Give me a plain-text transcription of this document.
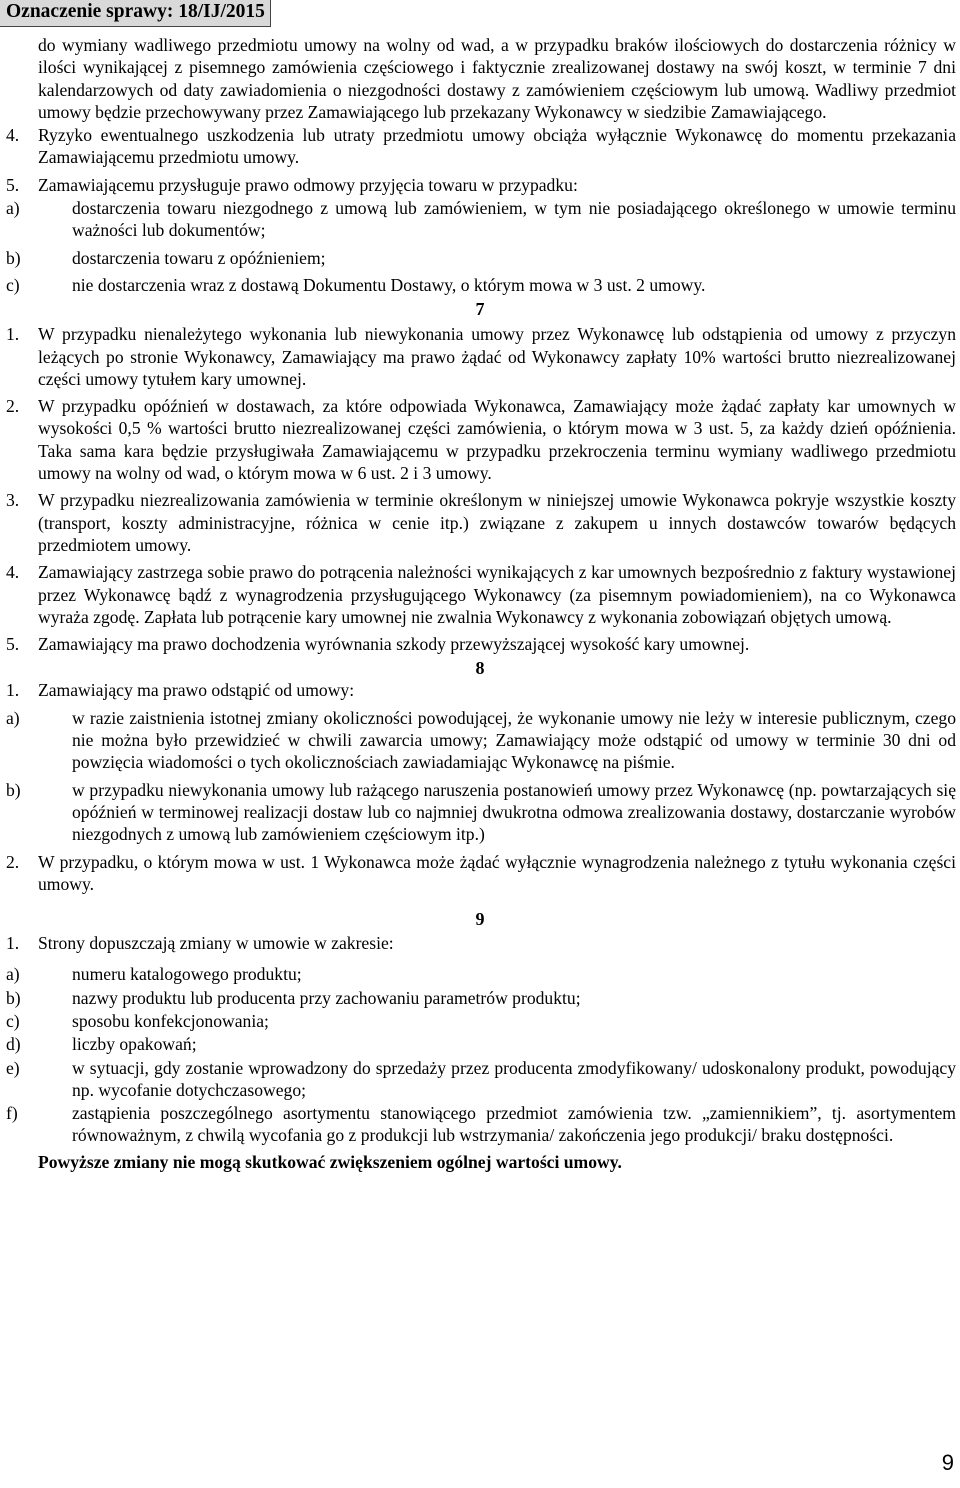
Oznaczenie sprawy: 18/IJ/2015
do wymiany wadliwego przedmiotu umowy na wolny od wad, a w przypadku braków ilościowych do dostarczenia różnicy w ilości wynikającej z pisemnego zamówienia częściowego i faktycznie zrealizowanej dostawy na swój koszt, w terminie 7 dni kalendarzowych od daty zawiadomienia o niezgodności dostawy z zamówieniem częściowym lub umową. Wadliwy przedmiot umowy będzie przechowywany przez Zamawiającego lub przekazany Wykonawcy w siedzibie Zamawiającego.
4. Ryzyko ewentualnego uszkodzenia lub utraty przedmiotu umowy obciąża wyłącznie Wykonawcę do momentu przekazania Zamawiającemu przedmiotu umowy.
5. Zamawiającemu przysługuje prawo odmowy przyjęcia towaru w przypadku:
a)	dostarczenia towaru niezgodnego z umową lub zamówieniem, w tym nie posiadającego określonego w umowie terminu ważności lub dokumentów;
b)	dostarczenia towaru z opóźnieniem;
c)	nie dostarczenia wraz z dostawą Dokumentu Dostawy, o którym mowa w 3 ust. 2 umowy.
7
1. W przypadku nienależytego wykonania lub niewykonania umowy przez Wykonawcę lub odstąpienia od umowy z przyczyn leżących po stronie Wykonawcy, Zamawiający ma prawo żądać od Wykonawcy zapłaty 10% wartości brutto niezrealizowanej części umowy tytułem kary umownej.
2. W przypadku opóźnień w dostawach, za które odpowiada Wykonawca, Zamawiający może żądać zapłaty kar umownych w wysokości 0,5 % wartości brutto niezrealizowanej części zamówienia, o którym mowa w 3 ust. 5, za każdy dzień opóźnienia. Taka sama kara będzie przysługiwała Zamawiającemu w przypadku przekroczenia terminu wymiany wadliwego przedmiotu umowy na wolny od wad, o którym mowa w 6 ust. 2 i 3 umowy.
3. W przypadku niezrealizowania zamówienia w terminie określonym w niniejszej umowie Wykonawca pokryje wszystkie koszty (transport, koszty administracyjne, różnica w cenie itp.) związane z zakupem u innych dostawców towarów będących przedmiotem umowy.
4. Zamawiający zastrzega sobie prawo do potrącenia należności wynikających z kar umownych bezpośrednio z faktury wystawionej przez Wykonawcę bądź z wynagrodzenia przysługującego Wykonawcy (za pisemnym powiadomieniem), na co Wykonawca wyraża zgodę. Zapłata lub potrącenie kary umownej nie zwalnia Wykonawcy z wykonania zobowiązań objętych umową.
5. Zamawiający ma prawo dochodzenia wyrównania szkody przewyższającej wysokość kary umownej.
8
1. Zamawiający ma prawo odstąpić od umowy:
a)	w razie zaistnienia istotnej zmiany okoliczności powodującej, że wykonanie umowy nie leży w interesie publicznym, czego nie można było przewidzieć w chwili zawarcia umowy; Zamawiający może odstąpić od umowy w terminie 30 dni od powzięcia wiadomości o tych okolicznościach zawiadamiając Wykonawcę na piśmie.
b)	w przypadku niewykonania umowy lub rażącego naruszenia postanowień umowy przez Wykonawcę (np. powtarzających się opóźnień w terminowej realizacji dostaw lub co najmniej dwukrotna odmowa zrealizowania dostawy, dostarczanie wyrobów niezgodnych z umową lub zamówieniem częściowym itp.)
2. W przypadku, o którym mowa w ust. 1 Wykonawca może żądać wyłącznie wynagrodzenia należnego z tytułu wykonania części umowy.
9
1. Strony dopuszczają zmiany w umowie w zakresie:
a)	numeru katalogowego produktu;
b)	nazwy produktu lub producenta przy zachowaniu parametrów produktu;
c)	sposobu konfekcjonowania;
d)	liczby opakowań;
e)	w sytuacji, gdy zostanie wprowadzony do sprzedaży przez producenta zmodyfikowany/ udoskonalony produkt, powodujący np. wycofanie dotychczasowego;
f)	zastąpienia poszczególnego asortymentu stanowiącego przedmiot zamówienia tzw. „zamiennikiem”, tj. asortymentem równoważnym, z chwilą wycofania go z produkcji lub wstrzymania/ zakończenia jego produkcji/ braku dostępności.
Powyższe zmiany nie mogą skutkować zwiększeniem ogólnej wartości umowy.
9
